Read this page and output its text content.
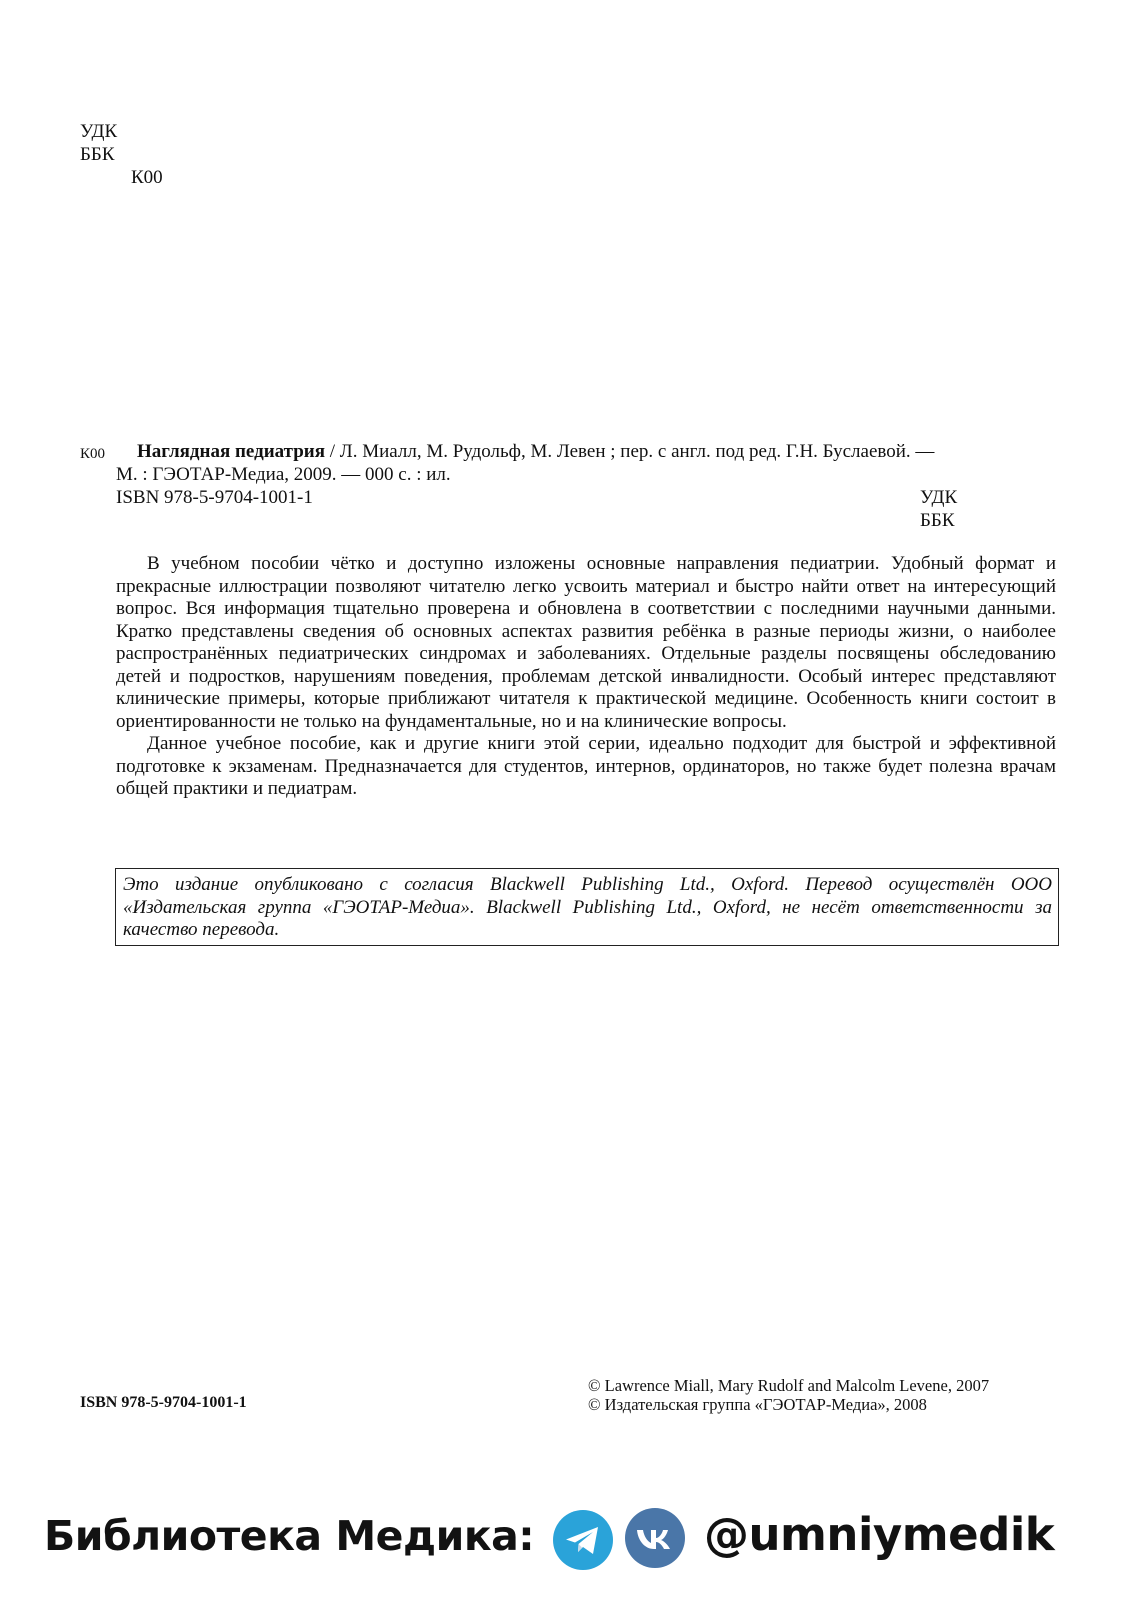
УДК
ББК
К00
К00 Наглядная педиатрия / Л. Миалл, М. Рудольф, М. Левен ; пер. с англ. под ред. Г.Н. Буслаевой. —
М. : ГЭОТАР-Медиа, 2009. — 000 с. : ил.
ISBN 978-5-9704-1001-1	УДК
ББК

В учебном пособии чётко и доступно изложены основные направления педиатрии. Удобный формат и прекрасные иллюстрации позволяют читателю легко усвоить материал и быстро найти ответ на интересующий вопрос. Вся информация тщательно проверена и обновлена в соответствии с последними научными данными. Кратко представлены сведения об основных аспектах развития ребёнка в разные периоды жизни, о наиболее распространённых педиатрических синдромах и заболеваниях. Отдельные разделы посвящены обследованию детей и подростков, нарушениям поведения, проблемам детской инвалидности. Особый интерес представляют клинические примеры, которые приближают читателя к практической медицине. Особенность книги состоит в ориентированности не только на фундаментальные, но и на клинические вопросы.

Данное учебное пособие, как и другие книги этой серии, идеально подходит для быстрой и эффективной подготовке к экзаменам. Предназначается для студентов, интернов, ординаторов, но также будет полезна врачам общей практики и педиатрам.

Это издание опубликовано с согласия Blackwell Publishing Ltd., Oxford. Перевод осуществлён ООО «Издательская группа «ГЭОТАР-Медиа». Blackwell Publishing Ltd., Oxford, не несёт ответственности за качество перевода.
ISBN 978-5-9704-1001-1
© Lawrence Miall, Mary Rudolf and Malcolm Levene, 2007
© Издательская группа «ГЭОТАР-Медиа», 2008
Библиотека Медика:	@umniymedik
